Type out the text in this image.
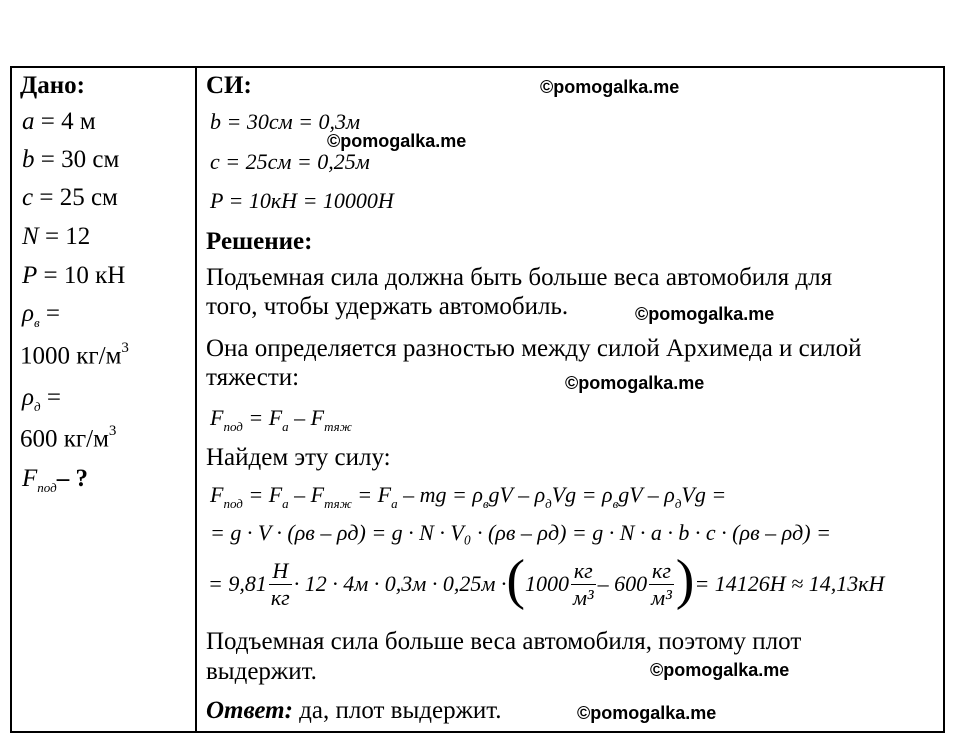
Дано:
a = 4 м
b = 30 см
c = 25 см
N = 12
P = 10 кН
$\rho_в$ =
1000 $кг/м^3$
$\rho_д$ =
600 $кг/м^3$
$F_{под}-$ ?
СИ:
b = 30см = 0,3м
c = 25см = 0,25м
P = 10кН = 10000Н
Решение:
Подъемная сила должна быть больше веса автомобиля для
того, чтобы удержать автомобиль.
Она определяется разностью между силой Архимеда и силой
тяжести:
$F_{под} = F_a - F_{тяж}$
Найдем эту силу:
$F_{под} = F_a - F_{тяж} = F_a$ – mg = $\rho_вgV - \rho_дVg = \rho_вgV - \rho_дVg$ =
= g · V · (ρв – ρд) = g · N · V₀ · (ρв – ρд) = g · N · a · b · c · (ρв – ρд) =
= $9,81 \frac{Н}{кг} \cdot 12 \cdot 4м \cdot 0,3м \cdot 0,25м$ · ( $1000 \frac{кг}{\text{м³}} - 600 \frac{кг}{\text{м³}}$ ) = 14126Н ≈ 14,13кН
Подъемная сила больше веса автомобиля, поэтому плот
выдержит.
Ответ: да, плот выдержит.
©pomogalka.me
©pomogalka.me
©pomogalka.me
©pomogalka.me
©pomogalka.me
©pomogalka.me
